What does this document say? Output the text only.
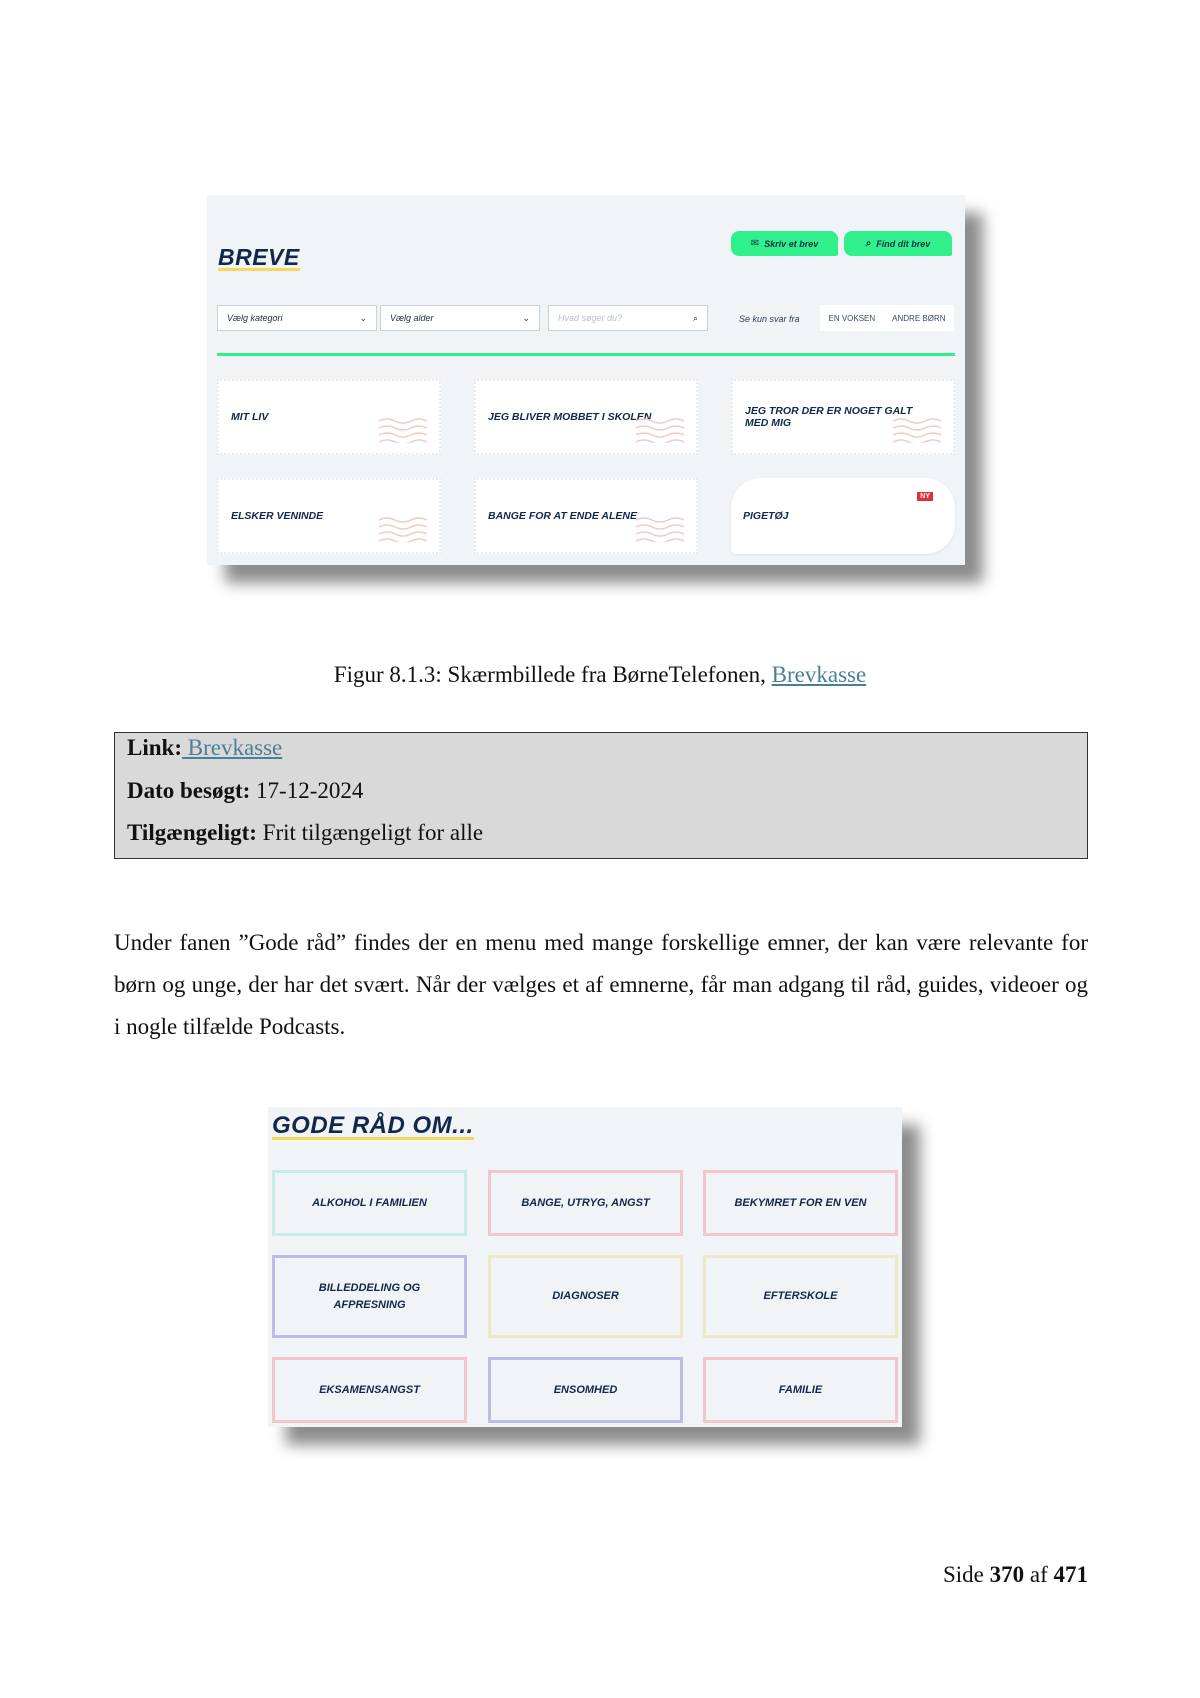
BREVE
✉ Skriv et brev	⌕ Find dit brev
Vælg kategori	⌄	Vælg alder	⌄	Hvad søger du?	⌕	Se kun svar fra	EN VOKSEN ANDRE BØRN
MIT LIV	JEG BLIVER MOBBET I SKOLEN	JEG TROR DER ER NOGET GALT MED MIG
ELSKER VENINDE	BANGE FOR AT ENDE ALENE	PIGETØJ
NY
Figur 8.1.3: Skærmbillede fra BørneTelefonen, Brevkasse
Link: Brevkasse
Dato besøgt: 17-12-2024
Tilgængeligt: Frit tilgængeligt for alle
Under fanen ”Gode råd” findes der en menu med mange forskellige emner, der kan være relevante for børn og unge, der har det svært. Når der vælges et af emnerne, får man adgang til råd, guides, videoer og i nogle tilfælde Podcasts.
GODE RÅD OM...
ALKOHOL I FAMILIEN	BANGE, UTRYG, ANGST	BEKYMRET FOR EN VEN
BILLEDDELING OG AFPRESNING
DIAGNOSER	EFTERSKOLE
EKSAMENSANGST	ENSOMHED	FAMILIE
Side 370 af 471
